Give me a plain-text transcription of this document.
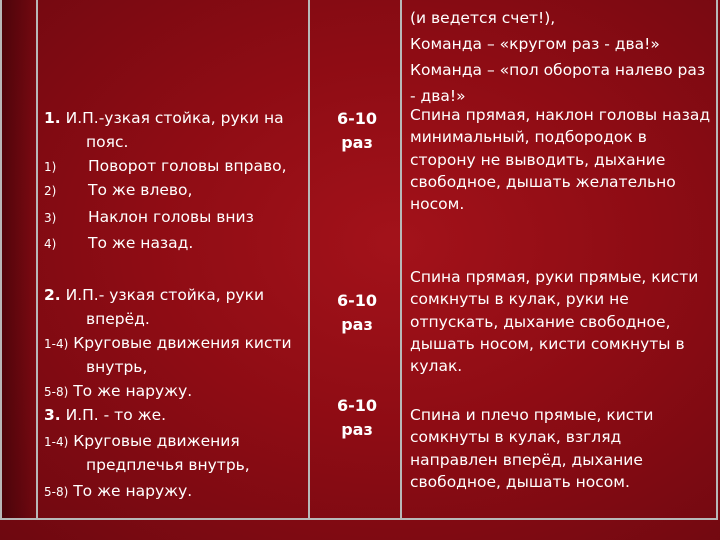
1. И.П.-узкая стойка, руки на
пояс.
1) Поворот головы вправо,
2) То же влево,
3) Наклон головы вниз
4) То же назад.
2. И.П.- узкая стойка, руки
вперёд.
1-4) Круговые движения кисти
внутрь,
5-8) То же наружу.
3. И.П. - то же.
1-4) Круговые движения
предплечья внутрь,
5-8) То же наружу.
6-10
раз
6-10
раз
6-10
раз
(и ведется счет!),
Команда – «кругом раз - два!»
Команда – «пол оборота налево раз
- два!»
Спина прямая, наклон головы назад
минимальный, подбородок в
сторону не выводить, дыхание
свободное, дышать желательно
носом.
Спина прямая, руки прямые, кисти
сомкнуты в кулак, руки не
отпускать, дыхание свободное,
дышать носом, кисти сомкнуты в
кулак.
Спина и плечо прямые, кисти
сомкнуты в кулак, взгляд
направлен вперёд, дыхание
свободное, дышать носом.
